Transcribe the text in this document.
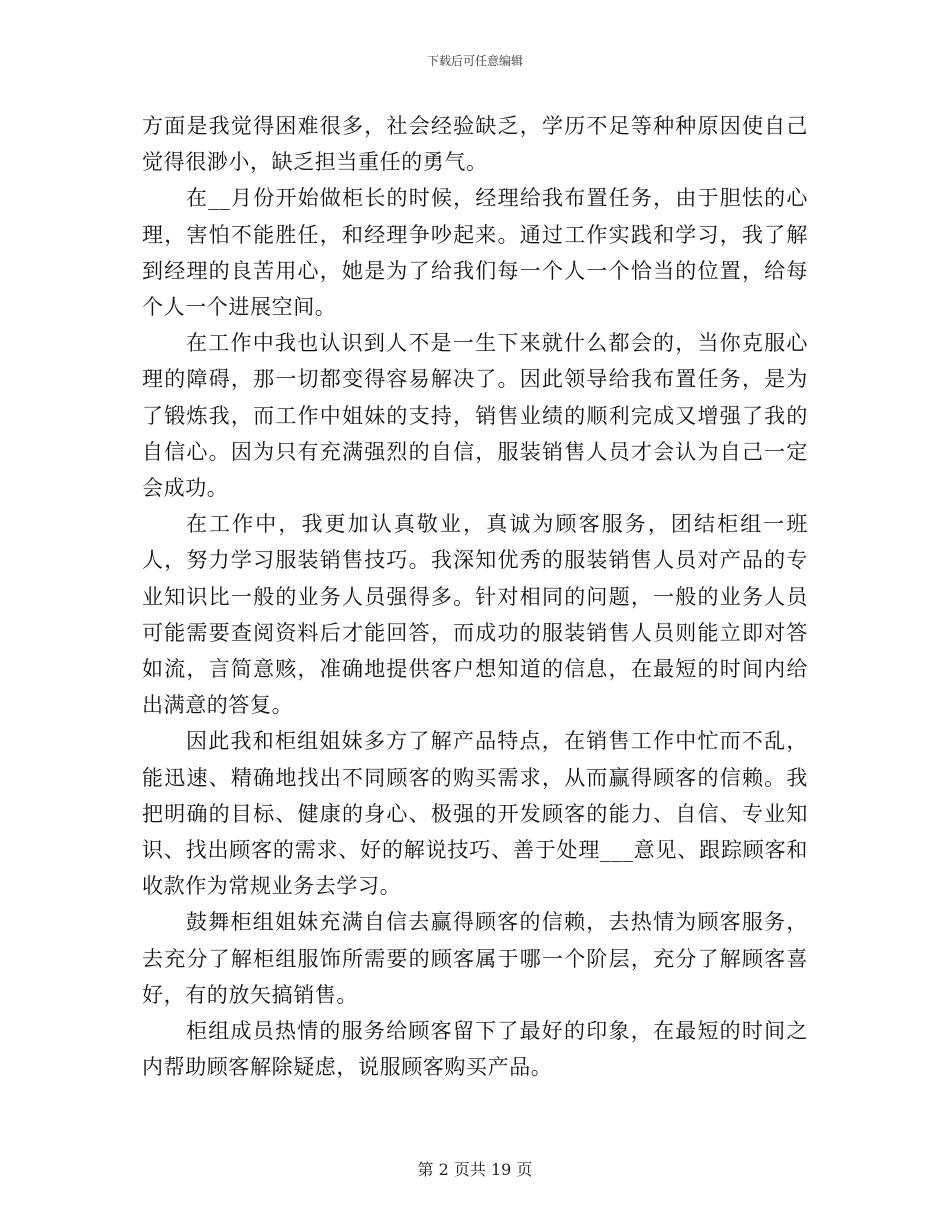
下载后可任意编辑

方面是我觉得困难很多，社会经验缺乏，学历不足等种种原因使自己觉得很渺小，缺乏担当重任的勇气。

在__月份开始做柜长的时候，经理给我布置任务，由于胆怯的心理，害怕不能胜任，和经理争吵起来。通过工作实践和学习，我了解到经理的良苦用心，她是为了给我们每一个人一个恰当的位置，给每个人一个进展空间。

在工作中我也认识到人不是一生下来就什么都会的，当你克服心理的障碍，那一切都变得容易解决了。因此领导给我布置任务，是为了锻炼我，而工作中姐妹的支持，销售业绩的顺利完成又增强了我的自信心。因为只有充满强烈的自信，服装销售人员才会认为自己一定会成功。

在工作中，我更加认真敬业，真诚为顾客服务，团结柜组一班人，努力学习服装销售技巧。我深知优秀的服装销售人员对产品的专业知识比一般的业务人员强得多。针对相同的问题，一般的业务人员可能需要查阅资料后才能回答，而成功的服装销售人员则能立即对答如流，言简意赅，准确地提供客户想知道的信息，在最短的时间内给出满意的答复。

因此我和柜组姐妹多方了解产品特点，在销售工作中忙而不乱，能迅速、精确地找出不同顾客的购买需求，从而赢得顾客的信赖。我把明确的目标、健康的身心、极强的开发顾客的能力、自信、专业知识、找出顾客的需求、好的解说技巧、善于处理___意见、跟踪顾客和收款作为常规业务去学习。

鼓舞柜组姐妹充满自信去赢得顾客的信赖，去热情为顾客服务，去充分了解柜组服饰所需要的顾客属于哪一个阶层，充分了解顾客喜好，有的放矢搞销售。

柜组成员热情的服务给顾客留下了最好的印象，在最短的时间之内帮助顾客解除疑虑，说服顾客购买产品。

第 2 页共 19 页
